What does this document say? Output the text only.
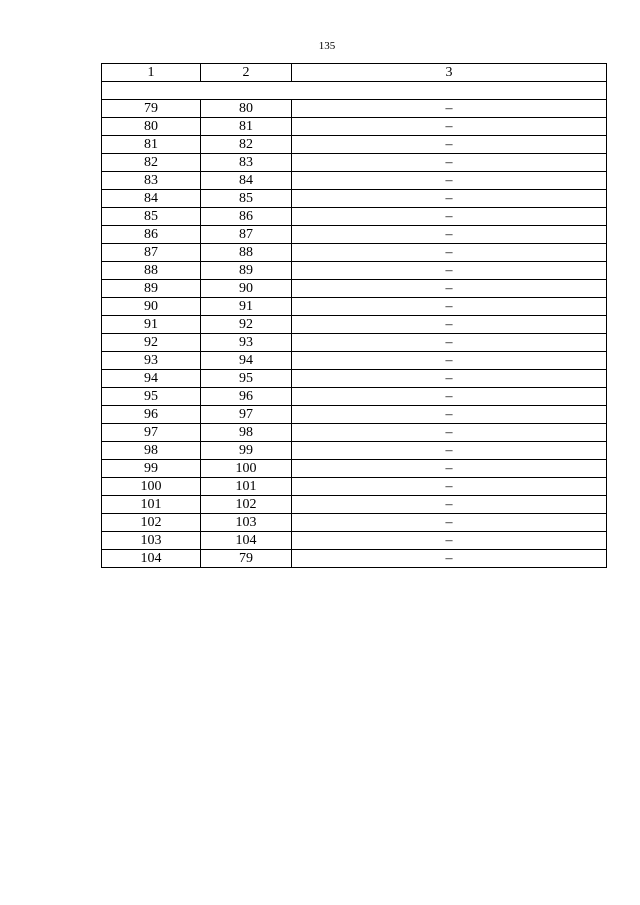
135
1	2	3

79	80	–
80	81	–
81	82	–
82	83	–
83	84	–
84	85	–
85	86	–
86	87	–
87	88	–
88	89	–
89	90	–
90	91	–
91	92	–
92	93	–
93	94	–
94	95	–
95	96	–
96	97	–
97	98	–
98	99	–
99	100	–
100	101	–
101	102	–
102	103	–
103	104	–
104	79	–
